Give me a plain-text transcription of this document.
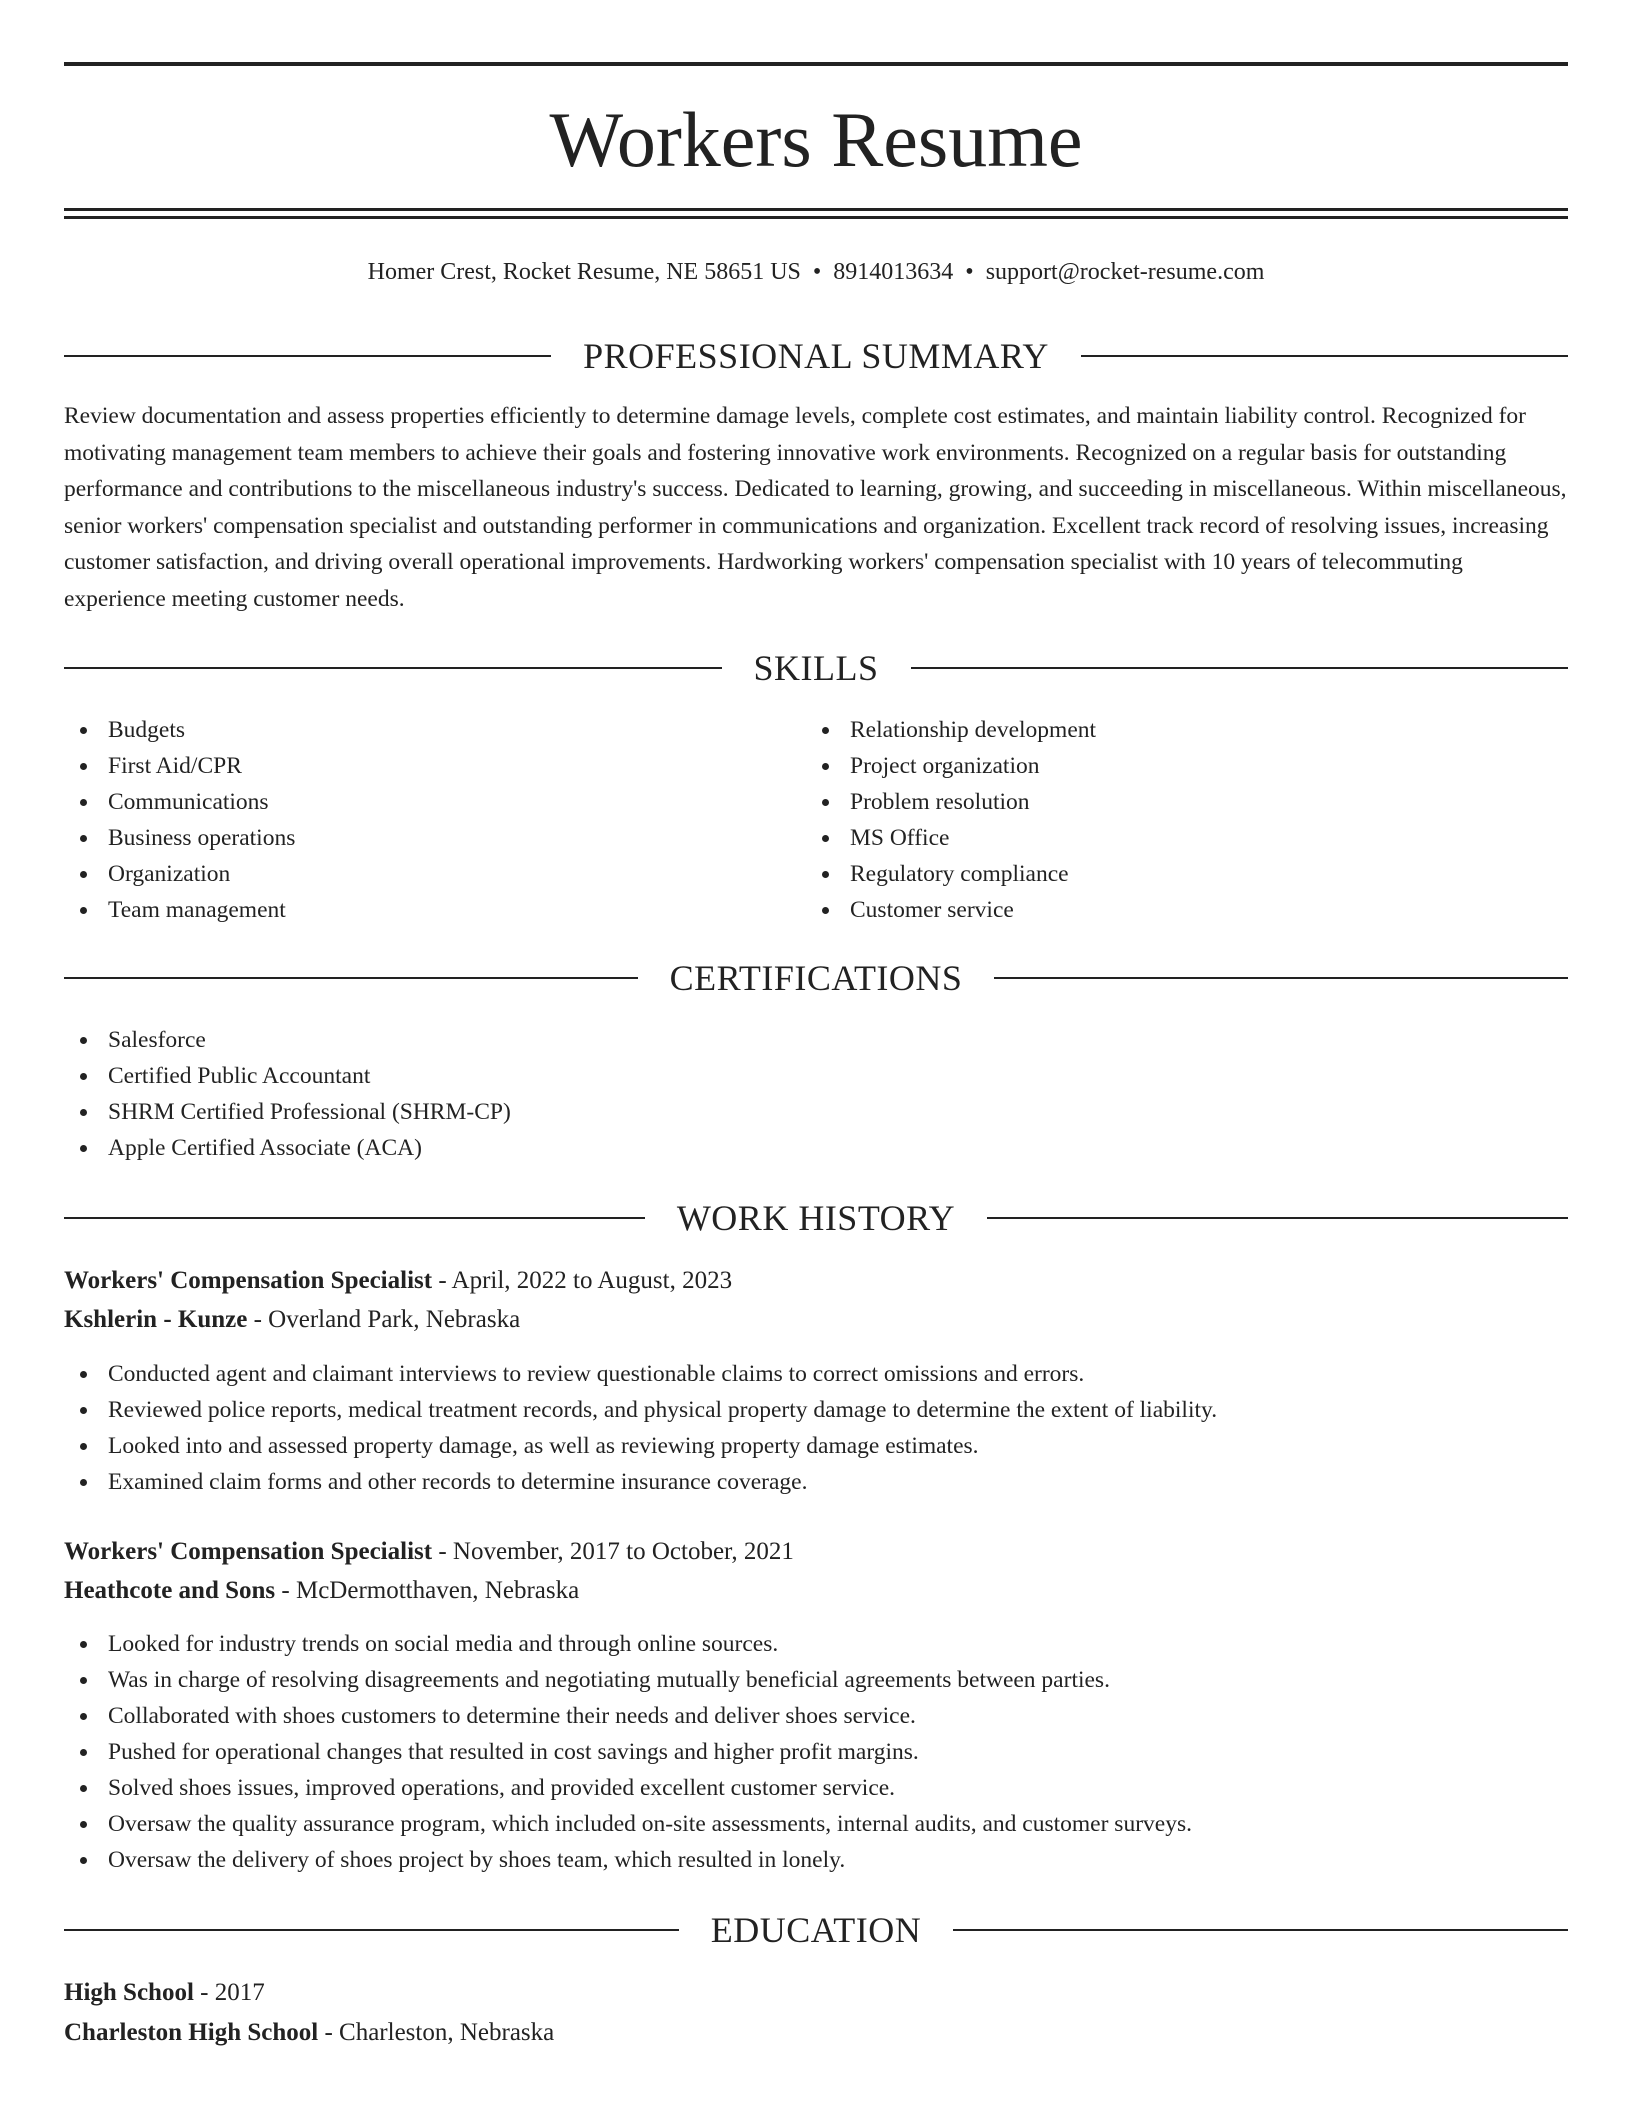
Workers Resume
Homer Crest, Rocket Resume, NE 58651 US • 8914013634 • support@rocket-resume.com
PROFESSIONAL SUMMARY

Review documentation and assess properties efficiently to determine damage levels, complete cost estimates, and maintain liability control. Recognized for motivating management team members to achieve their goals and fostering innovative work environments. Recognized on a regular basis for outstanding performance and contributions to the miscellaneous industry's success. Dedicated to learning, growing, and succeeding in miscellaneous. Within miscellaneous, senior workers' compensation specialist and outstanding performer in communications and organization. Excellent track record of resolving issues, increasing customer satisfaction, and driving overall operational improvements. Hardworking workers' compensation specialist with 10 years of telecommuting experience meeting customer needs.

SKILLS
Budgets
First Aid/CPR
Communications
Business operations
Organization
Team management
Relationship development
Project organization
Problem resolution
MS Office
Regulatory compliance
Customer service
CERTIFICATIONS
Salesforce
Certified Public Accountant
SHRM Certified Professional (SHRM-CP)
Apple Certified Associate (ACA)
WORK HISTORY
Workers' Compensation Specialist - April, 2022 to August, 2023
Kshlerin - Kunze - Overland Park, Nebraska
Conducted agent and claimant interviews to review questionable claims to correct omissions and errors.
Reviewed police reports, medical treatment records, and physical property damage to determine the extent of liability.
Looked into and assessed property damage, as well as reviewing property damage estimates.
Examined claim forms and other records to determine insurance coverage.
Workers' Compensation Specialist - November, 2017 to October, 2021
Heathcote and Sons - McDermotthaven, Nebraska
Looked for industry trends on social media and through online sources.
Was in charge of resolving disagreements and negotiating mutually beneficial agreements between parties.
Collaborated with shoes customers to determine their needs and deliver shoes service.
Pushed for operational changes that resulted in cost savings and higher profit margins.
Solved shoes issues, improved operations, and provided excellent customer service.
Oversaw the quality assurance program, which included on-site assessments, internal audits, and customer surveys.
Oversaw the delivery of shoes project by shoes team, which resulted in lonely.
EDUCATION
High School - 2017
Charleston High School - Charleston, Nebraska
